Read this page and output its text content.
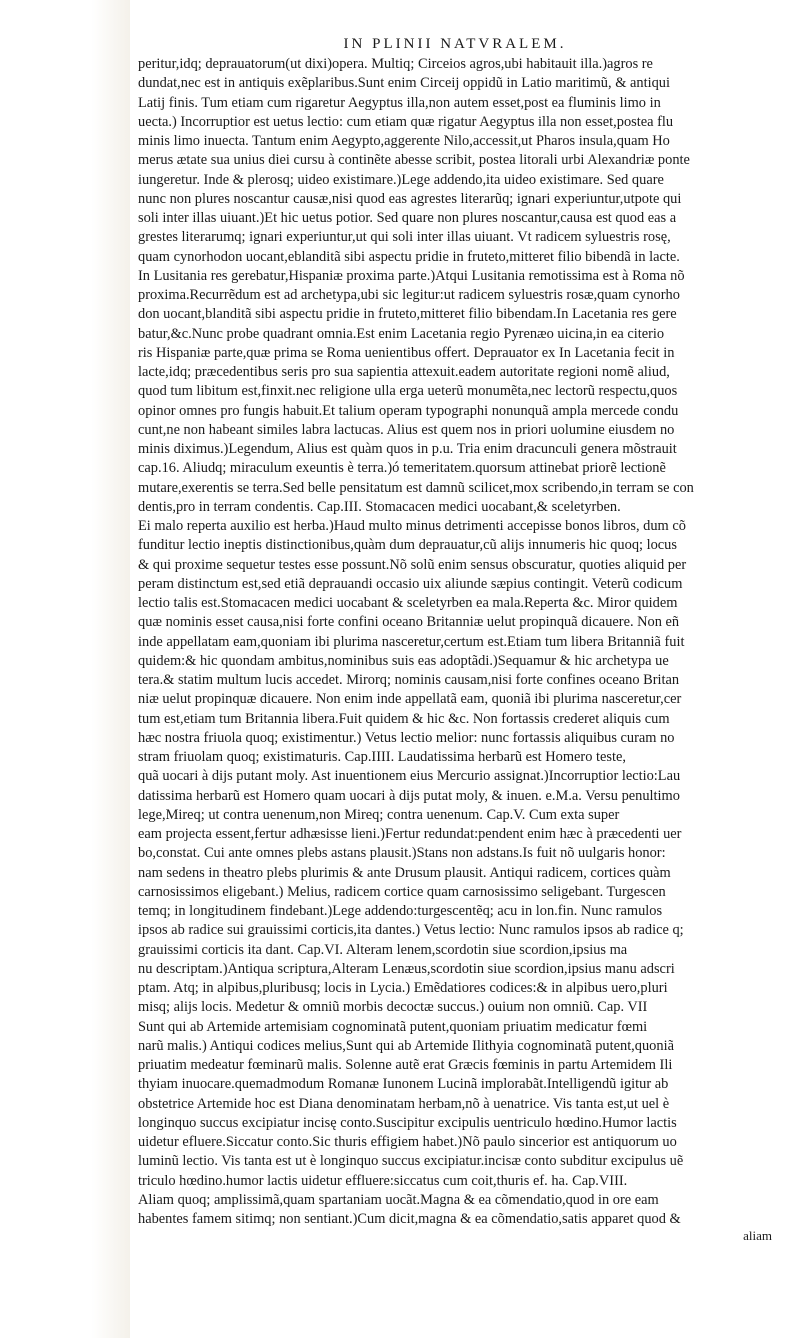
IN PLINII NATVRALEM.
peritur,idq; deprauatorum(ut dixi)opera. Multiq; Circeios agros,ubi habitauit illa.)agros re
dundat,nec est in antiquis exẽplaribus.Sunt enim Circeij oppidũ in Latio maritimũ, & antiqui
Latij finis. Tum etiam cum rigaretur Aegyptus illa,non autem esset,post ea fluminis limo in
uecta.) Incorruptior est uetus lectio: cum etiam quæ rigatur Aegyptus illa non esset,postea flu
minis limo inuecta. Tantum enim Aegypto,aggerente Nilo,accessit,ut Pharos insula,quam Ho
merus ætate sua unius diei cursu à continẽte abesse scribit, postea litorali urbi Alexandriæ ponte
iungeretur. Inde & plerosq; uideo existimare.)Lege addendo,ita uideo existimare. Sed quare
nunc non plures noscantur causæ,nisi quod eas agrestes literarũq; ignari experiuntur,utpote qui
soli inter illas uiuant.)Et hic uetus potior. Sed quare non plures noscantur,causa est quod eas a
grestes literarumq; ignari experiuntur,ut qui soli inter illas uiuant. Vt radicem syluestris rosę,
quam cynorhodon uocant,eblanditã sibi aspectu pridie in fruteto,mitteret filio bibendã in lacte.
In Lusitania res gerebatur,Hispaniæ proxima parte.)Atqui Lusitania remotissima est à Roma nõ
proxima.Recurrẽdum est ad archetypa,ubi sic legitur:ut radicem syluestris rosæ,quam cynorho
don uocant,blanditã sibi aspectu pridie in fruteto,mitteret filio bibendam.In Lacetania res gere
batur,&c.Nunc probe quadrant omnia.Est enim Lacetania regio Pyrenæo uicina,in ea citerio
ris Hispaniæ parte,quæ prima se Roma uenientibus offert. Deprauator ex In Lacetania fecit in
lacte,idq; præcedentibus seris pro sua sapientia attexuit.eadem autoritate regioni nomẽ aliud,
quod tum libitum est,finxit.nec religione ulla erga ueterũ monumẽta,nec lectorũ respectu,quos
opinor omnes pro fungis habuit.Et talium operam typographi nonunquã ampla mercede condu
cunt,ne non habeant similes labra lactucas. Alius est quem nos in priori uolumine eiusdem no
minis diximus.)Legendum, Alius est quàm quos in p.u. Tria enim dracunculi genera mõstrauit
cap.16. Aliudq; miraculum exeuntis è terra.)ó temeritatem.quorsum attinebat priorẽ lectionẽ
mutare,exerentis se terra.Sed belle pensitatum est damnũ scilicet,mox scribendo,in terram se con
dentis,pro in terram condentis. Cap.III. Stomacacen medici uocabant,& sceletyrben.
Ei malo reperta auxilio est herba.)Haud multo minus detrimenti accepisse bonos libros, dum cõ
funditur lectio ineptis distinctionibus,quàm dum deprauatur,cũ alijs innumeris hic quoq; locus
& qui proxime sequetur testes esse possunt.Nõ solũ enim sensus obscuratur, quoties aliquid per
peram distinctum est,sed etiã deprauandi occasio uix aliunde sæpius contingit. Veterũ codicum
lectio talis est.Stomacacen medici uocabant & sceletyrben ea mala.Reperta &c. Miror quidem
quæ nominis esset causa,nisi forte confini oceano Britanniæ uelut propinquã dicauere. Non eñ
inde appellatam eam,quoniam ibi plurima nasceretur,certum est.Etiam tum libera Britanniã fuit
quidem:& hic quondam ambitus,nominibus suis eas adoptãdi.)Sequamur & hic archetypa ue
tera.& statim multum lucis accedet. Mirorq; nominis causam,nisi forte confines oceano Britan
niæ uelut propinquæ dicauere. Non enim inde appellatã eam, quoniã ibi plurima nasceretur,cer
tum est,etiam tum Britannia libera.Fuit quidem & hic &c. Non fortassis crederet aliquis cum
hæc nostra friuola quoq; existimentur.) Vetus lectio melior: nunc fortassis aliquibus curam no
stram friuolam quoq; existimaturis. Cap.IIII. Laudatissima herbarũ est Homero teste,
quã uocari à dijs putant moly. Ast inuentionem eius Mercurio assignat.)Incorruptior lectio:Lau
datissima herbarũ est Homero quam uocari à dijs putat moly, & inuen. e.M.a. Versu penultimo
lege,Mireq; ut contra uenenum,non Mireq; contra uenenum. Cap.V. Cum exta super
eam projecta essent,fertur adhæsisse lieni.)Fertur redundat:pendent enim hæc à præcedenti uer
bo,constat. Cui ante omnes plebs astans plausit.)Stans non adstans.Is fuit nõ uulgaris honor:
nam sedens in theatro plebs plurimis & ante Drusum plausit. Antiqui radicem, cortices quàm
carnosissimos eligebant.) Melius, radicem cortice quam carnosissimo seligebant. Turgescen
temq; in longitudinem findebant.)Lege addendo:turgescentẽq; acu in lon.fin. Nunc ramulos
ipsos ab radice sui grauissimi corticis,ita dantes.) Vetus lectio: Nunc ramulos ipsos ab radice q;
grauissimi corticis ita dant. Cap.VI. Alteram lenem,scordotin siue scordion,ipsius ma
nu descriptam.)Antiqua scriptura,Alteram Lenæus,scordotin siue scordion,ipsius manu adscri
ptam. Atq; in alpibus,pluribusq; locis in Lycia.) Emẽdatiores codices:& in alpibus uero,pluri
misq; alijs locis. Medetur & omniũ morbis decoctæ succus.) ouium non omniũ. Cap. VII
Sunt qui ab Artemide artemisiam cognominatã putent,quoniam priuatim medicatur fœmi
narũ malis.) Antiqui codices melius,Sunt qui ab Artemide Ilithyia cognominatã putent,quoniã
priuatim medeatur fœminarũ malis. Solenne autẽ erat Græcis fœminis in partu Artemidem Ili
thyiam inuocare.quemadmodum Romanæ Iunonem Lucinã implorabãt.Intelligendũ igitur ab
obstetrice Artemide hoc est Diana denominatam herbam,nõ à uenatrice. Vis tanta est,ut uel è
longinquo succus excipiatur incisę conto.Suscipitur excipulis uentriculo hœdino.Humor lactis
uidetur efluere.Siccatur conto.Sic thuris effigiem habet.)Nõ paulo sincerior est antiquorum uo
luminũ lectio. Vis tanta est ut è longinquo succus excipiatur.incisæ conto subditur excipulus uẽ
triculo hœdino.humor lactis uidetur effluere:siccatus cum coit,thuris ef. ha. Cap.VIII.
Aliam quoq; amplissimã,quam spartaniam uocãt.Magna & ea cõmendatio,quod in ore eam
habentes famem sitimq; non sentiant.)Cum dicit,magna & ea cõmendatio,satis apparet quod &

aliam
